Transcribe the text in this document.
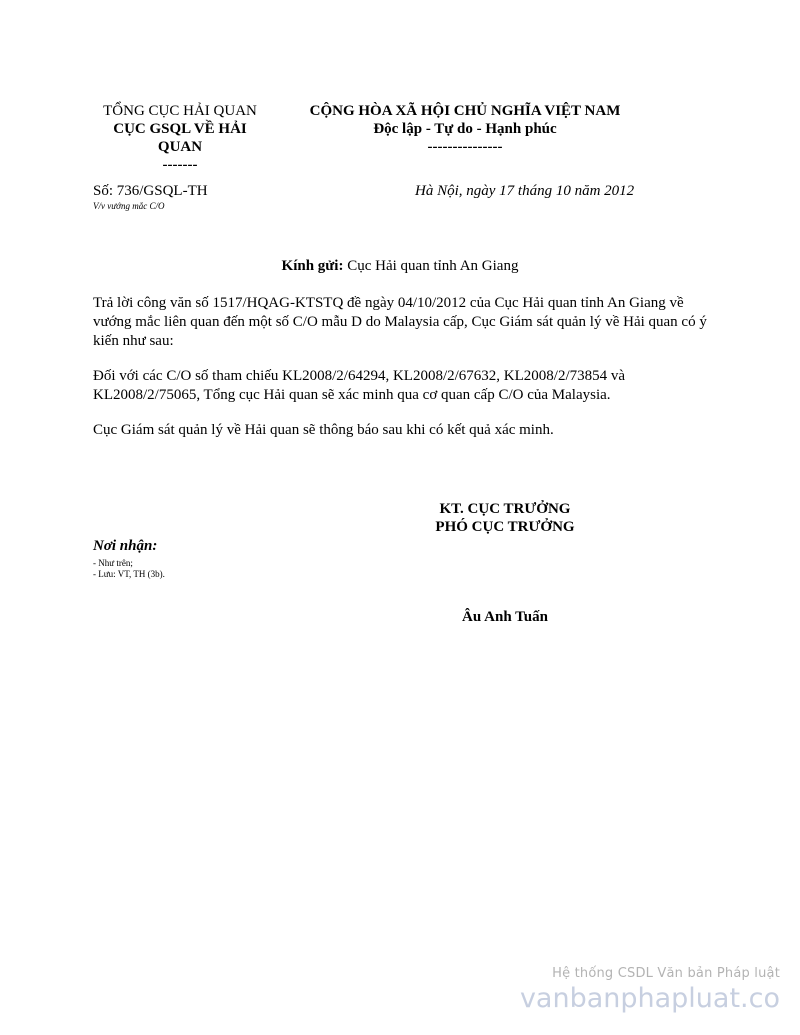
TỔNG CỤC HẢI QUAN
CỤC GSQL VỀ HẢI
QUAN
-------
CỘNG HÒA XÃ HỘI CHỦ NGHĨA VIỆT NAM
Độc lập - Tự do - Hạnh phúc
---------------
Số: 736/GSQL-TH
V/v vướng mắc C/O
Hà Nội, ngày 17 tháng 10 năm 2012
Kính gửi: Cục Hải quan tỉnh An Giang
Trả lời công văn số 1517/HQAG-KTSTQ đề ngày 04/10/2012 của Cục Hải quan tỉnh An Giang về vướng mắc liên quan đến một số C/O mẫu D do Malaysia cấp, Cục Giám sát quản lý về Hải quan có ý kiến như sau:
Đối với các C/O số tham chiếu KL2008/2/64294, KL2008/2/67632, KL2008/2/73854 và KL2008/2/75065, Tổng cục Hải quan sẽ xác minh qua cơ quan cấp C/O của Malaysia.
Cục Giám sát quản lý về Hải quan sẽ thông báo sau khi có kết quả xác minh.
KT. CỤC TRƯỞNG
PHÓ CỤC TRƯỞNG
Âu Anh Tuấn
Nơi nhận:
- Như trên;
- Lưu: VT, TH (3b).
Hệ thống CSDL Văn bản Pháp luật
vanbanphapluat.co
